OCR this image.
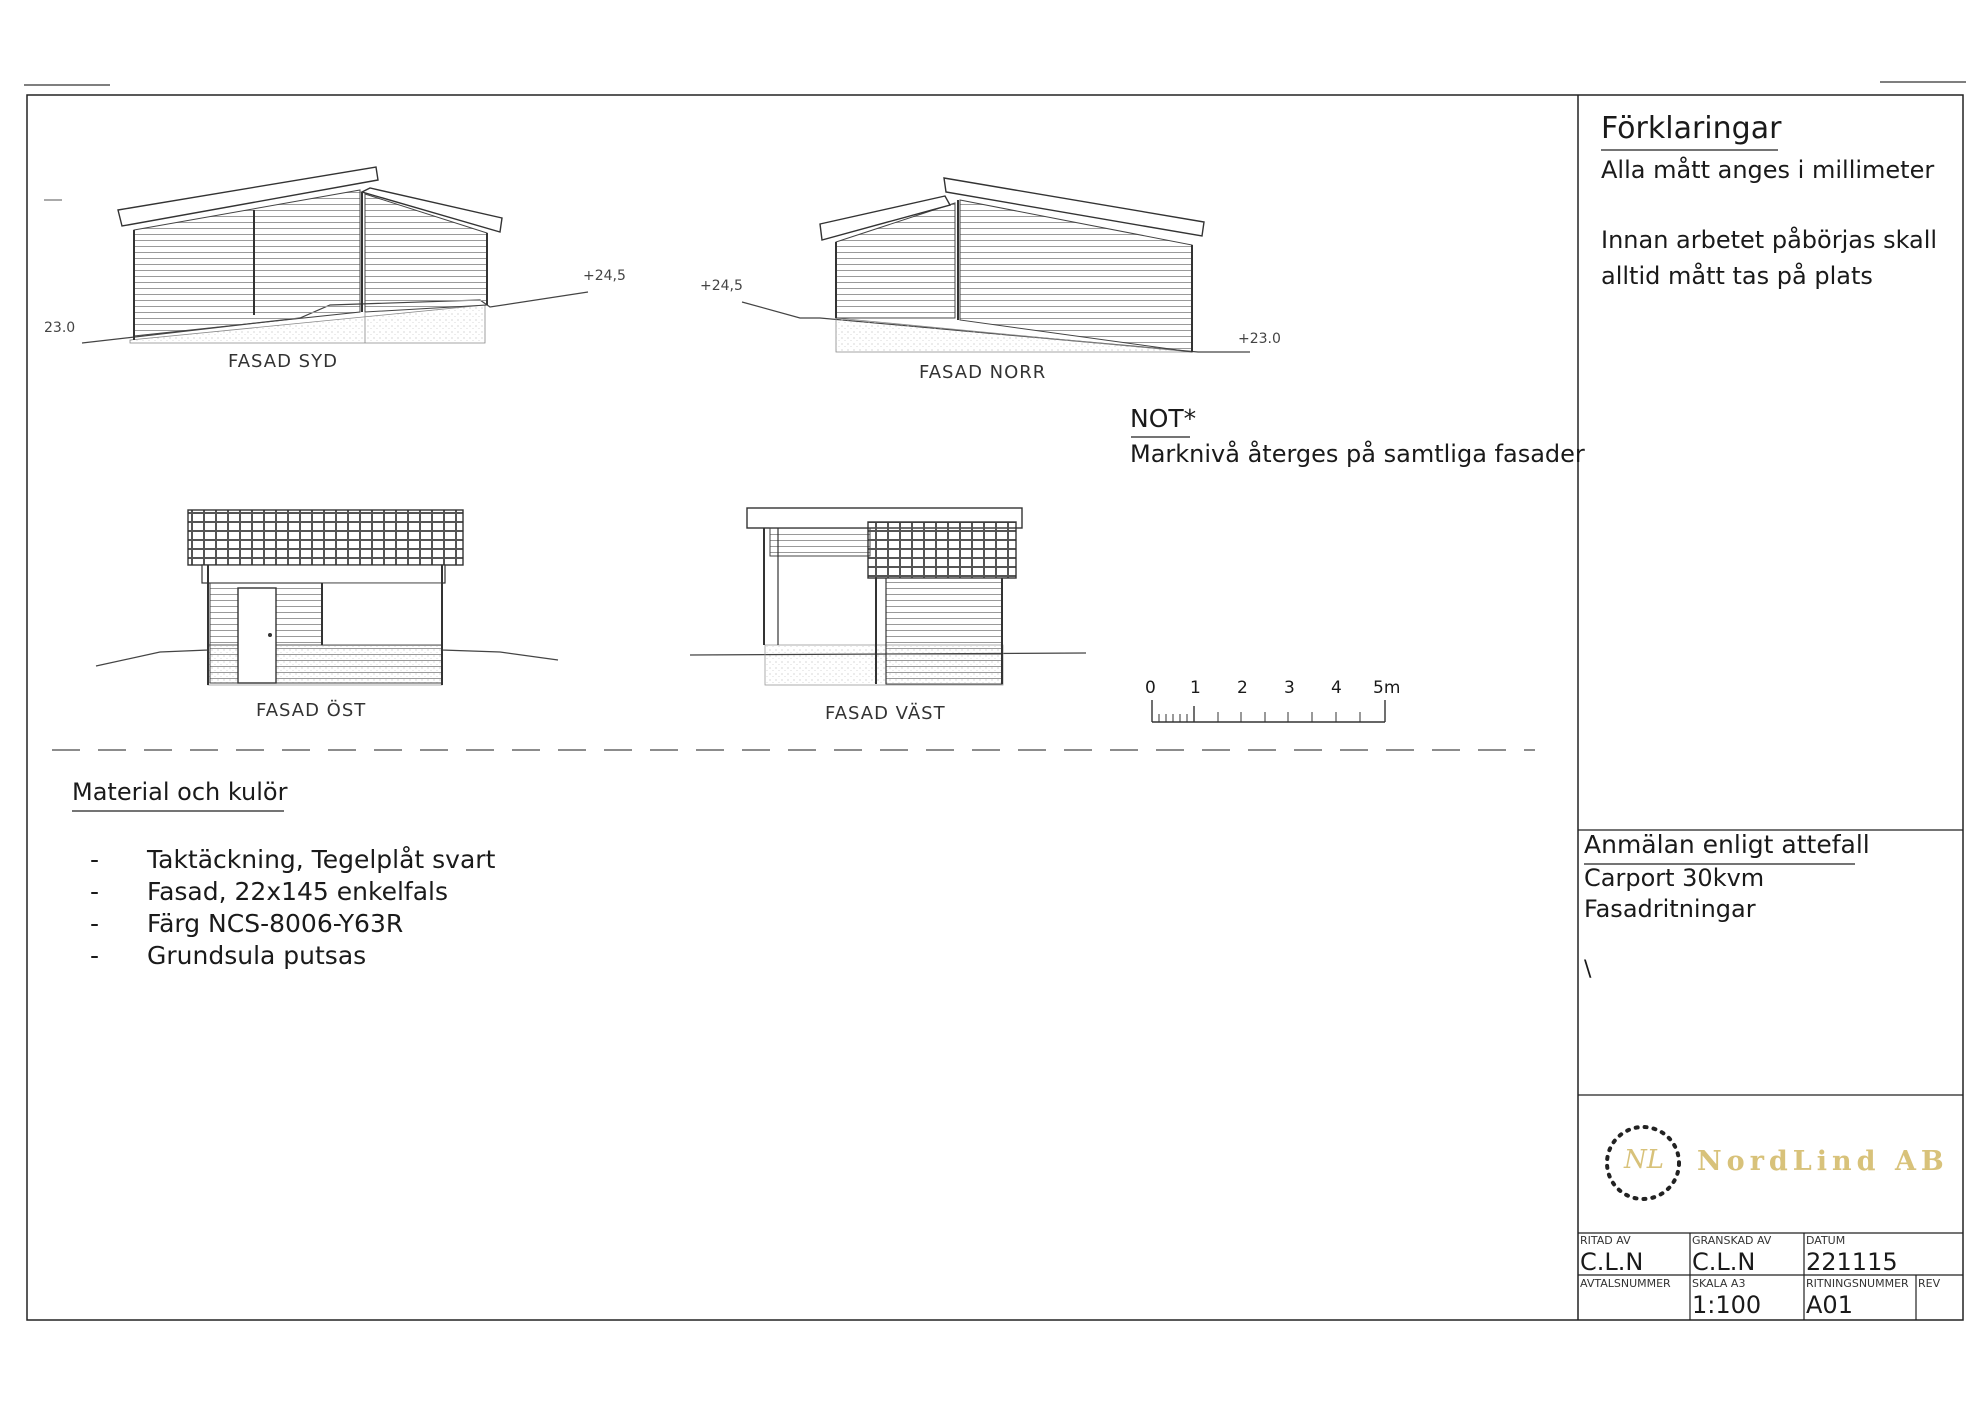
FASAD SYD
23.0
+24,5
FASAD NORR
+24,5
+23.0
FASAD ÖST	FASAD VÄST
NOT*
Marknivå återges på samtliga fasader
0 1 2 3 4 5m
Material och kulör
- Taktäckning, Tegelplåt svart
- Fasad, 22x145 enkelfals
- Färg NCS-8006-Y63R
- Grundsula putsas
Förklaringar
Alla mått anges i millimeter
Innan arbetet påbörjas skall
alltid mått tas på plats
Anmälan enligt attefall
Carport 30kvm
Fasadritningar
\
NL NordLind AB
RITAD AV
C.L.N
GRANSKAD AV
C.L.N
DATUM
221115
AVTALSNUMMER SKALA A3
1:100
RITNINGSNUMMER
A01
REV
